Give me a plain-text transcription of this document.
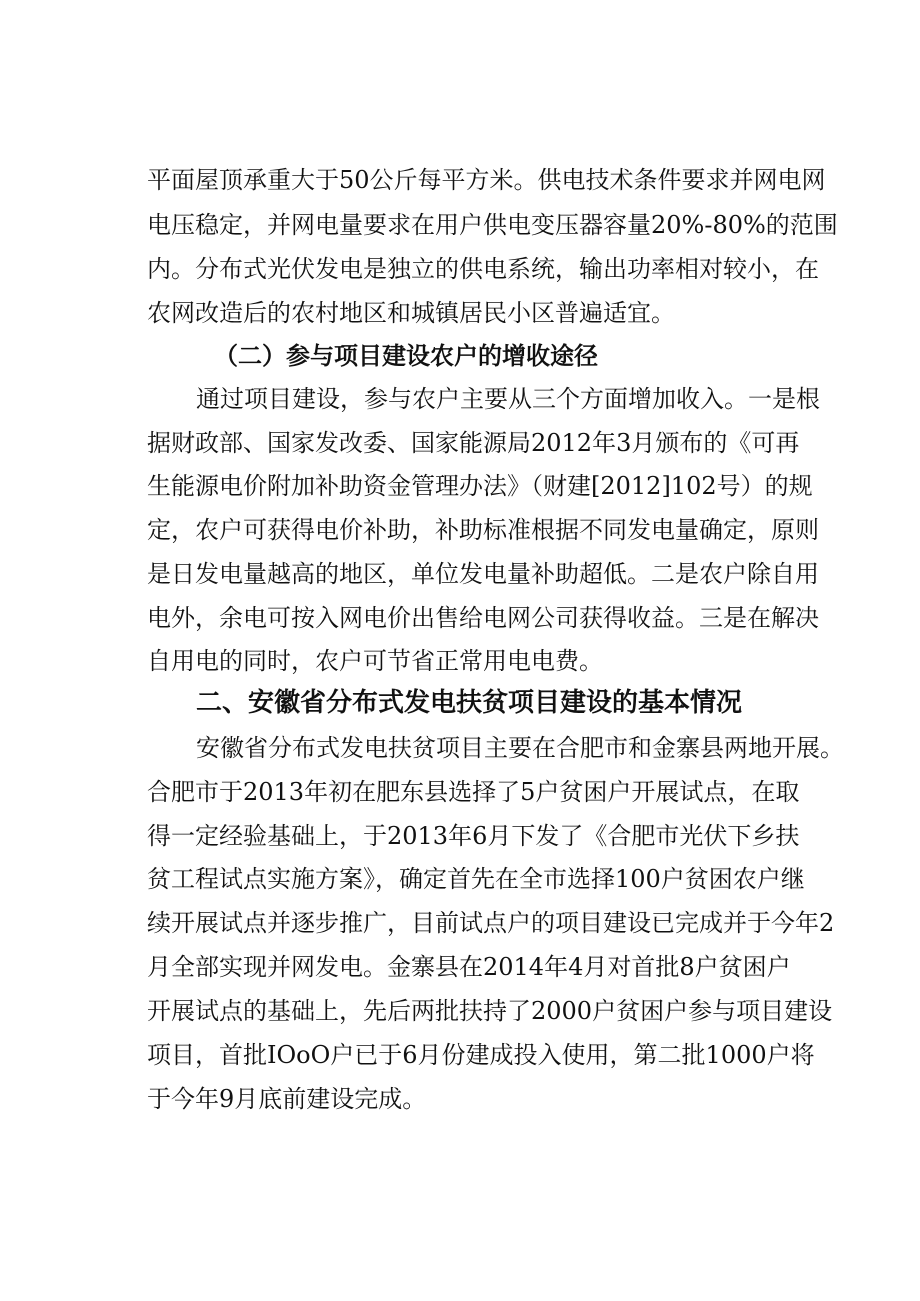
平面屋顶承重大于50公斤每平方米。供电技术条件要求并网电网
电压稳定，并网电量要求在用户供电变压器容量20%-80%的范围
内。分布式光伏发电是独立的供电系统，输出功率相对较小，在
农网改造后的农村地区和城镇居民小区普遍适宜。
（二）参与项目建设农户的增收途径
通过项目建设，参与农户主要从三个方面增加收入。一是根
据财政部、国家发改委、国家能源局2012年3月颁布的《可再
生能源电价附加补助资金管理办法》（财建[2012]102号）的规
定，农户可获得电价补助，补助标准根据不同发电量确定，原则
是日发电量越高的地区，单位发电量补助超低。二是农户除自用
电外，余电可按入网电价出售给电网公司获得收益。三是在解决
自用电的同时，农户可节省正常用电电费。
二、安徽省分布式发电扶贫项目建设的基本情况
安徽省分布式发电扶贫项目主要在合肥市和金寨县两地开展。
合肥市于2013年初在肥东县选择了5户贫困户开展试点，在取
得一定经验基础上，于2013年6月下发了《合肥市光伏下乡扶
贫工程试点实施方案》，确定首先在全市选择100户贫困农户继
续开展试点并逐步推广，目前试点户的项目建设已完成并于今年2
月全部实现并网发电。金寨县在2014年4月对首批8户贫困户
开展试点的基础上，先后两批扶持了2000户贫困户参与项目建设
项目，首批IOoO户已于6月份建成投入使用，第二批1000户将
于今年9月底前建设完成。
